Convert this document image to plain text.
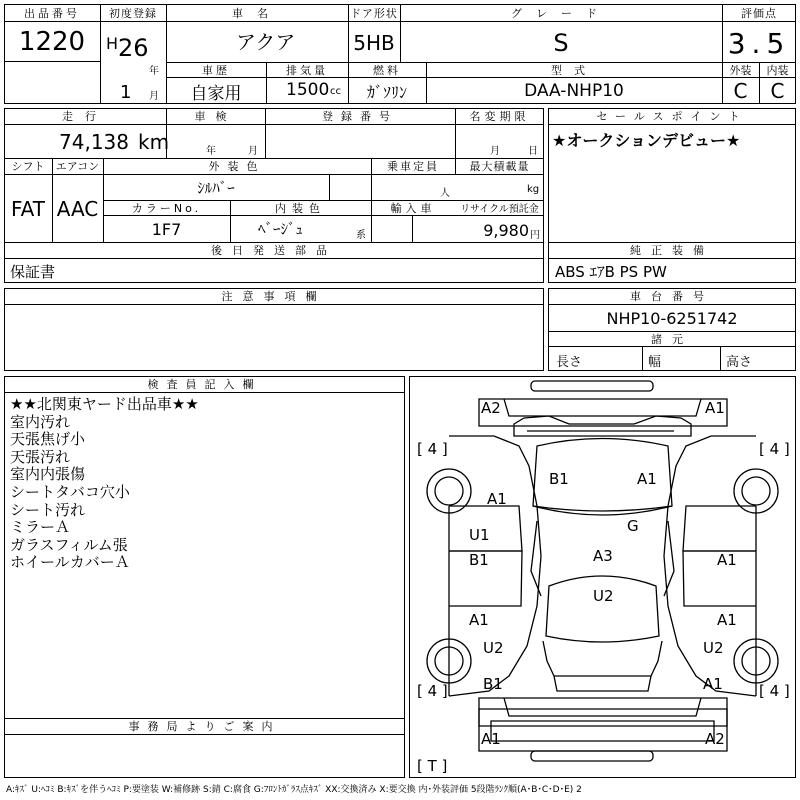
出品番号
1220
初度登録
H 26
年
1 月
車名
アクア
ドア形状
5HB
グレード
S
評価点
3.5
車歴
自家用
排気量
1500 cc
燃料
ｶﾞｿﾘﾝ
型式
DAA-NHP10
外装
C
内装
C
走行
74,138 km
車検
年	月
登録番号	名変期限
月	日
シフト
FAT
エアコン
AAC
外装色
ｼﾙﾊﾞｰ
乗車定員
人
最大積載量
kg
カラーNo.
1F7
内装色
ﾍﾞｰｼﾞｭ	系
輸入車	リサイクル預託金
9,980 円
後日発送部品
保証書
セールスポイント
★オークションデビュー★
純正装備
ABS ｴｱB PS PW
車台番号
NHP10-6251742
諸元
長さ	幅	高さ
注意事項欄
検査員記入欄
★★北関東ヤード出品車★★
室内汚れ
天張焦げ小
天張汚れ
室内内張傷
シートタバコ穴小
シート汚れ
ミラーＡ
ガラスフィルム張
ホイールカバーＡ
事務局よりご案内
[ 4 ]	[ 4 ]
[ 4 ]	[ 4 ]
[ T ]
A2	A1
A1
B1	A1
G
U1
B1	A3	A1
U2
A1	A1
U2	U2
B1	A1
A1	A2
A:ｷｽﾞ U:ﾍｺﾐ B:ｷｽﾞを伴うﾍｺﾐ P:要塗装 W:補修跡 S:錆 C:腐食 G:ﾌﾛﾝﾄｶﾞﾗｽ点ｷｽﾞ XX:交換済み X:要交換 内･外装評価 5段階ﾗﾝｸ順(A･B･C･D･E) 2
